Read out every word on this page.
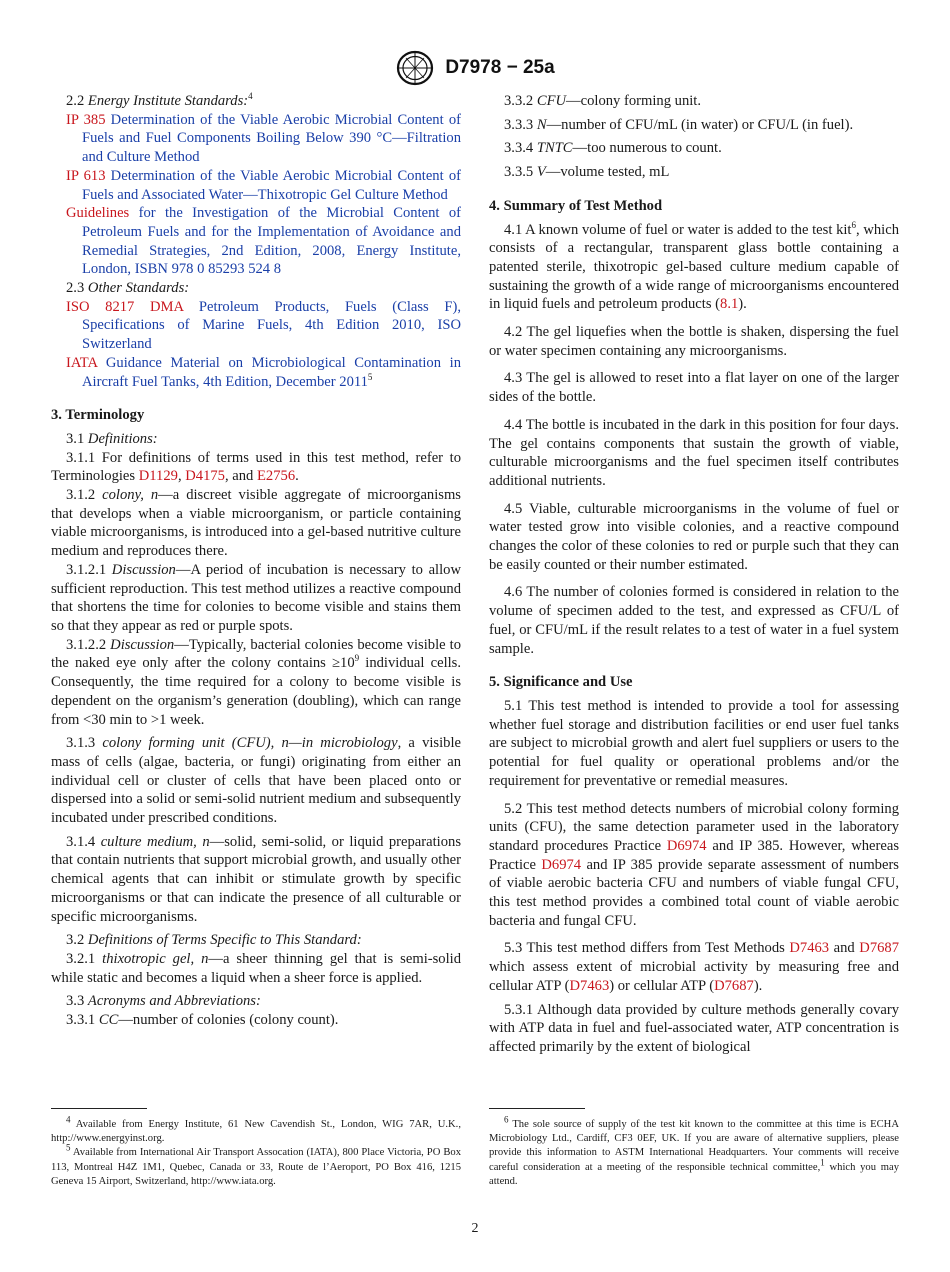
D7978 − 25a

2.2 Energy Institute Standards:$^4$

IP 385 Determination of the Viable Aerobic Microbial Content of Fuels and Fuel Components Boiling Below 390 °C—Filtration and Culture Method

IP 613 Determination of the Viable Aerobic Microbial Content of Fuels and Associated Water—Thixotropic Gel Culture Method

Guidelines for the Investigation of the Microbial Content of Petroleum Fuels and for the Implementation of Avoidance and Remedial Strategies, 2nd Edition, 2008, Energy Institute, London, ISBN 978 0 85293 524 8

2.3 Other Standards:

ISO 8217 DMA Petroleum Products, Fuels (Class F), Specifications of Marine Fuels, 4th Edition 2010, ISO Switzerland

IATA Guidance Material on Microbiological Contamination in Aircraft Fuel Tanks, 4th Edition, December 2011$^5$

3. Terminology

3.1 Definitions:

3.1.1 For definitions of terms used in this test method, refer to Terminologies D1129, D4175, and E2756.

3.1.2 colony, n—a discreet visible aggregate of microorganisms that develops when a viable microorganism, or particle containing viable microorganisms, is introduced into a gel-based nutritive culture medium and reproduces there.

3.1.2.1 Discussion—A period of incubation is necessary to allow sufficient reproduction. This test method utilizes a reactive compound that shortens the time for colonies to become visible and stains them so that they appear as red or purple spots.

3.1.2.2 Discussion—Typically, bacterial colonies become visible to the naked eye only after the colony contains $\ge 10^9$ individual cells. Consequently, the time required for a colony to become visible is dependent on the organism’s generation (doubling), which can range from <30 min to >1 week.

3.1.3 colony forming unit (CFU), n—in microbiology, a visible mass of cells (algae, bacteria, or fungi) originating from either an individual cell or cluster of cells that have been placed onto or dispersed into a solid or semi-solid nutrient medium and subsequently incubated under prescribed conditions.

3.1.4 culture medium, n—solid, semi-solid, or liquid preparations that contain nutrients that support microbial growth, and usually other chemical agents that can inhibit or stimulate growth by specific microorganisms or that can indicate the presence of all culturable or specific microorganisms.

3.2 Definitions of Terms Specific to This Standard:

3.2.1 thixotropic gel, n—a sheer thinning gel that is semi-solid while static and becomes a liquid when a sheer force is applied.

3.3 Acronyms and Abbreviations:

3.3.1 CC—number of colonies (colony count).

3.3.2 CFU—colony forming unit.

3.3.3 N—number of CFU/mL (in water) or CFU/L (in fuel).

3.3.4 TNTC—too numerous to count.

3.3.5 V—volume tested, mL

4. Summary of Test Method

4.1 A known volume of fuel or water is added to the test kit$^6$, which consists of a rectangular, transparent glass bottle containing a patented sterile, thixotropic gel-based culture medium capable of sustaining the growth of a wide range of microorganisms encountered in liquid fuels and petroleum products (8.1).

4.2 The gel liquefies when the bottle is shaken, dispersing the fuel or water specimen containing any microorganisms.

4.3 The gel is allowed to reset into a flat layer on one of the larger sides of the bottle.

4.4 The bottle is incubated in the dark in this position for four days. The gel contains components that sustain the growth of viable, culturable microorganisms and the fuel specimen itself contributes additional nutrients.

4.5 Viable, culturable microorganisms in the volume of fuel or water tested grow into visible colonies, and a reactive compound changes the color of these colonies to red or purple such that they can be easily counted or their number estimated.

4.6 The number of colonies formed is considered in relation to the volume of specimen added to the test, and expressed as CFU/L of fuel, or CFU/mL if the result relates to a test of water in a fuel system sample.

5. Significance and Use

5.1 This test method is intended to provide a tool for assessing whether fuel storage and distribution facilities or end user fuel tanks are subject to microbial growth and alert fuel suppliers or users to the potential for fuel quality or operational problems and/or the requirement for preventative or remedial measures.

5.2 This test method detects numbers of microbial colony forming units (CFU), the same detection parameter used in the laboratory standard procedures Practice D6974 and IP 385. However, whereas Practice D6974 and IP 385 provide separate assessment of numbers of viable aerobic bacteria CFU and numbers of viable fungal CFU, this test method provides a combined total count of viable aerobic bacteria and fungal CFU.

5.3 This test method differs from Test Methods D7463 and D7687 which assess extent of microbial activity by measuring free and cellular ATP (D7463) or cellular ATP (D7687).

5.3.1 Although data provided by culture methods generally covary with ATP data in fuel and fuel-associated water, ATP concentration is affected primarily by the extent of biological

$^4$ Available from Energy Institute, 61 New Cavendish St., London, WIG 7AR, U.K., http://www.energyinst.org.
$^5$ Available from International Air Transport Assocation (IATA), 800 Place Victoria, PO Box 113, Montreal H4Z 1M1, Quebec, Canada or 33, Route de l’Aeroport, PO Box 416, 1215 Geneva 15 Airport, Switzerland, http://www.iata.org.
$^6$ The sole source of supply of the test kit known to the committee at this time is ECHA Microbiology Ltd., Cardiff, CF3 0EF, UK. If you are aware of alternative suppliers, please provide this information to ASTM International Headquarters. Your comments will receive careful consideration at a meeting of the responsible technical committee,$^1$ which you may attend.
2
